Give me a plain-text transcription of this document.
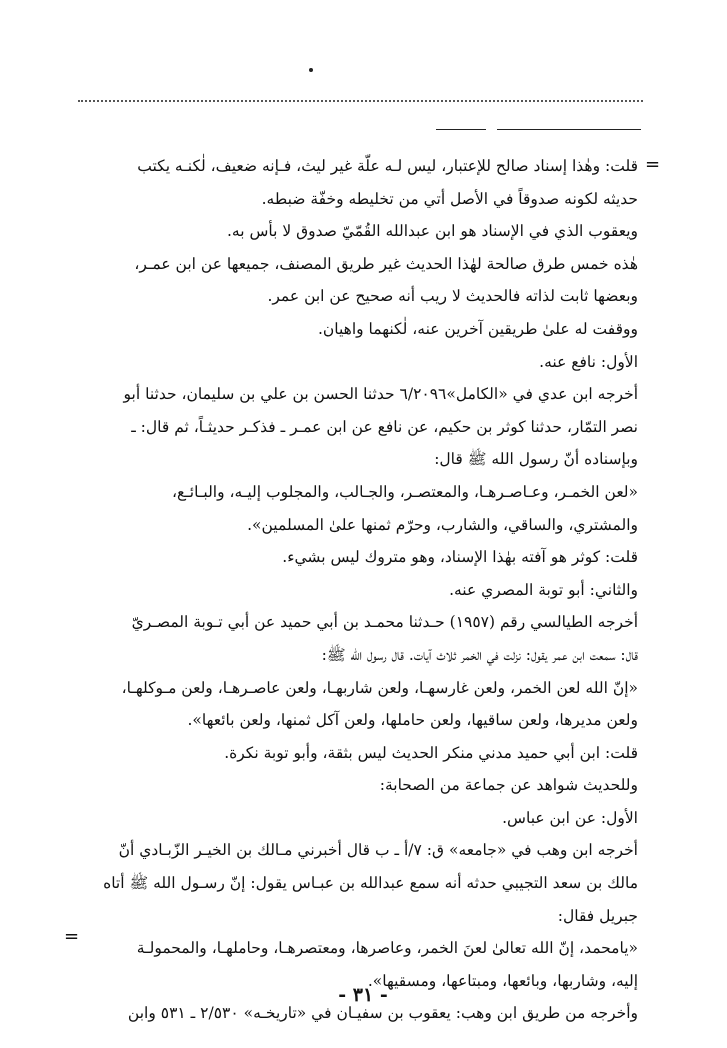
=
قلت: وهٰذا إسناد صالح للإعتبار، ليس لـه علّة غير ليث، فـإنه ضعيف، لٰكنـه يكتب
حديثه لكونه صدوقاً في الأصل أتي من تخليطه وخفّة ضبطه.
ويعقوب الذي في الإسناد هو ابن عبدالله القُمّيّ صدوق لا بأس به.
هٰذه خمس طرق صالحة لهٰذا الحديث غير طريق المصنف، جميعها عن ابن عمـر،
وبعضها ثابت لذاته فالحديث لا ريب أنه صحيح عن ابن عمر.
ووقفت له علىٰ طريقين آخرين عنه، لٰكنهما واهيان.
الأول: نافع عنه.
أخرجه ابن عدي في «الكامل»٦/٢٠٩٦ حدثنا الحسن بن علي بن سليمان، حدثنا أبو
نصر التمّار، حدثنا كوثر بن حكيم، عن نافع عن ابن عمـر ـ فذكـر حديثـاً، ثم قال: ـ
وبإسناده أنّ رسول الله ﷺ قال:
«لعن الخمـر، وعـاصـرهـا، والمعتصـر، والجـالب، والمجلوب إليـه، والبـائـع،
والمشتري، والساقي، والشارب، وحرّم ثمنها علىٰ المسلمين».
قلت: كوثر هو آفته بهٰذا الإسناد، وهو متروك ليس بشيء.
والثاني: أبو توبة المصري عنه.
أخرجه الطيالسي رقم (١٩٥٧) حـدثنا محمـد بن أبي حميد عن أبي تـوبة المصـريّ
قال: سمعت ابن عمر يقول: نزلت في الخمر ثلاث آيات. قال رسول الله ﷺ:
«إنّ الله لعن الخمر، ولعن غارسهـا، ولعن شاربهـا، ولعن عاصـرهـا، ولعن مـوكلهـا،
ولعن مديرها، ولعن ساقيها، ولعن حاملها، ولعن آكل ثمنها، ولعن بائعها».
قلت: ابن أبي حميد مدني منكر الحديث ليس بثقة، وأبو توبة نكرة.
وللحديث شواهد عن جماعة من الصحابة:
الأول: عن ابن عباس.
أخرجه ابن وهب في «جامعه» ق: ٧/أ ـ ب قال أخبرني مـالك بن الخيـر الزّبـادي أنّ
مالك بن سعد التجيبي حدثه أنه سمع عبدالله بن عبـاس يقول: إنّ رسـول الله ﷺ أتاه
جبريل فقال:
«يامحمد، إنّ الله تعالىٰ لعنَ الخمر، وعاصرها، ومعتصرهـا، وحاملهـا، والمحمولـة
إليه، وشاربها، وبائعها، ومبتاعها، ومسقيها».
وأخرجه من طريق ابن وهب: يعقوب بن سفيـان في «تاريخـه» ٢/٥٣٠ ـ ٥٣١ وابن
=
- ٣١ -
